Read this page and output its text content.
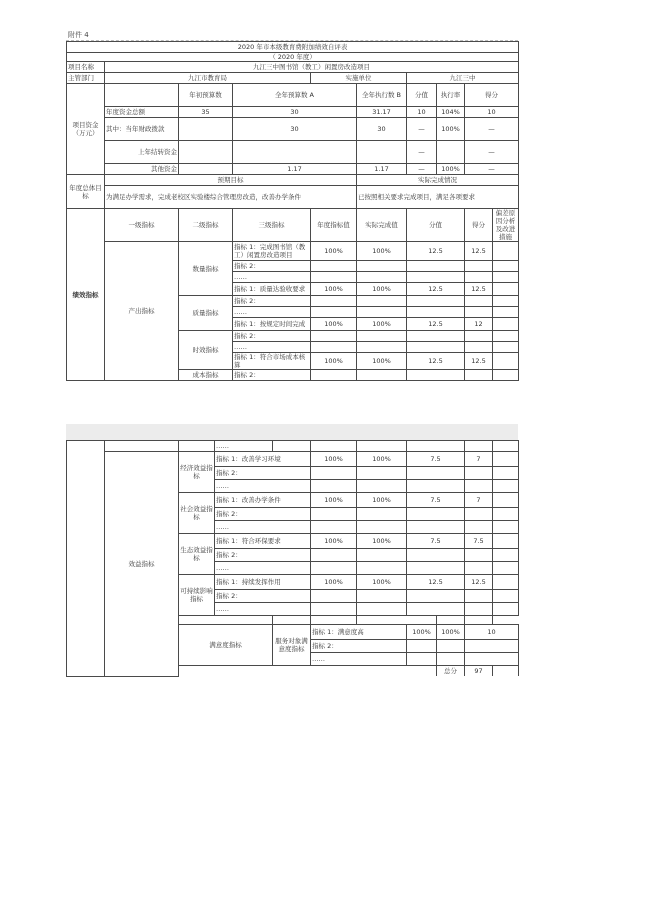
附件 4
2020 年市本级教育费附加绩效自评表									
（ 2020 年度）									
项目名称	九江三中图书馆（教工）闲置房改造项目								
主管部门	九江市教育局			实施单位		九江三中			
项目资金（万元）		年初预算数	全年预算数 A		全年执行数 B	分值	执行率	得分	
	年度资金总额	35	30		31.17	10	104%	10	
	其中：当年财政拨款		30		30	—	100%	—	
	上年结转资金					—		—	
	其他资金		1.17		1.17	—	100%	—	
年度总体目标	预期目标				实际完成情况				
	为满足办学需求，完成老校区实验楼综合管理房改造，改善办学条件				已按照相关要求完成项目，满足各项要求				
绩效指标	一级指标	二级指标	三级指标	年度指标值	实际完成值	分值		得分	偏差原因分析及改进措施
	产出指标	数量指标	指标 1：完成图书馆（教工）闲置房改造项目	100%	100%	12.5		12.5	
			指标 2：						
			……						
			指标 1：质量达验收要求	100%	100%	12.5		12.5	
		质量指标	指标 2：						
			……						
			指标 1：按规定时间完成	100%	100%	12.5		12	
		时效指标	指标 2：						
			……						
			指标 1：符合市场成本核算	100%	100%	12.5		12.5	
		成本指标	指标 2：						
			……								
	效益指标	经济效益指标	指标 1：改善学习环境		100%	100%	7.5		7		
			指标 2：								
			……								
		社会效益指标	指标 1：改善办学条件		100%	100%	7.5		7		
			指标 2：								
			……								
		生态效益指标	指标 1：符合环保要求		100%	100%	7.5		7.5		
			指标 2：								
			……								
		可持续影响指标	指标 1：持续发挥作用		100%	100%	12.5		12.5		
			指标 2：								
			……								

		满意度指标		服务对象满意度指标	指标 1：满意度高		100%	100%	10		
					指标 2：						
					……						
								总分	97			
